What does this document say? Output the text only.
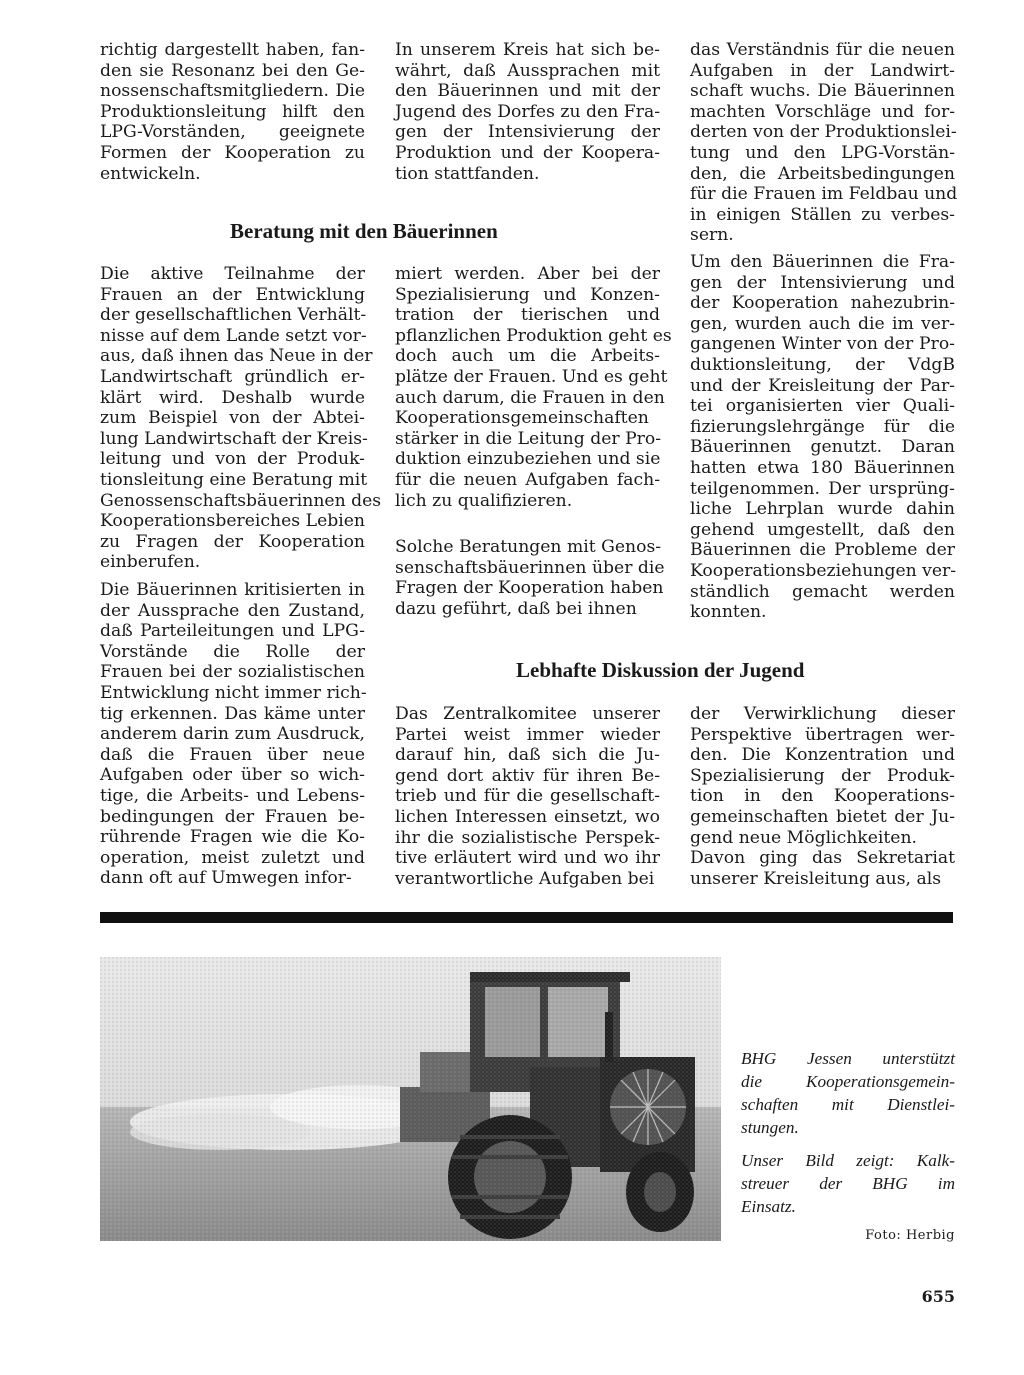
richtig dargestellt haben, fan-
den sie Resonanz bei den Ge-
nossenschaftsmitgliedern. Die
Produktionsleitung hilft den
LPG-Vorständen, geeignete
Formen der Kooperation zu
entwickeln.
In unserem Kreis hat sich be-
währt, daß Aussprachen mit
den Bäuerinnen und mit der
Jugend des Dorfes zu den Fra-
gen der Intensivierung der
Produktion und der Koopera-
tion stattfanden.
das Verständnis für die neuen
Aufgaben in der Landwirt-
schaft wuchs. Die Bäuerinnen
machten Vorschläge und for-
derten von der Produktionslei-
tung und den LPG-Vorstän-
den, die Arbeitsbedingungen
für die Frauen im Feldbau und
in einigen Ställen zu verbes-
sern.
Um den Bäuerinnen die Fra-
gen der Intensivierung und
der Kooperation nahezubrin-
gen, wurden auch die im ver-
gangenen Winter von der Pro-
duktionsleitung, der VdgB
und der Kreisleitung der Par-
tei organisierten vier Quali-
fizierungslehrgänge für die
Bäuerinnen genutzt. Daran
hatten etwa 180 Bäuerinnen
teilgenommen. Der ursprüng-
liche Lehrplan wurde dahin
gehend umgestellt, daß den
Bäuerinnen die Probleme der
Kooperationsbeziehungen ver-
ständlich gemacht werden
konnten.
Beratung mit den Bäuerinnen
Die aktive Teilnahme der
Frauen an der Entwicklung
der gesellschaftlichen Verhält-
nisse auf dem Lande setzt vor-
aus, daß ihnen das Neue in der
Landwirtschaft gründlich er-
klärt wird. Deshalb wurde
zum Beispiel von der Abtei-
lung Landwirtschaft der Kreis-
leitung und von der Produk-
tionsleitung eine Beratung mit
Genossenschaftsbäuerinnen des
Kooperationsbereiches Lebien
zu Fragen der Kooperation
einberufen.
Die Bäuerinnen kritisierten in
der Aussprache den Zustand,
daß Parteileitungen und LPG-
Vorstände die Rolle der
Frauen bei der sozialistischen
Entwicklung nicht immer rich-
tig erkennen. Das käme unter
anderem darin zum Ausdruck,
daß die Frauen über neue
Aufgaben oder über so wich-
tige, die Arbeits- und Lebens-
bedingungen der Frauen be-
rührende Fragen wie die Ko-
operation, meist zuletzt und
dann oft auf Umwegen infor-
miert werden. Aber bei der
Spezialisierung und Konzen-
tration der tierischen und
pflanzlichen Produktion geht es
doch auch um die Arbeits-
plätze der Frauen. Und es geht
auch darum, die Frauen in den
Kooperationsgemeinschaften
stärker in die Leitung der Pro-
duktion einzubeziehen und sie
für die neuen Aufgaben fach-
lich zu qualifizieren.
Solche Beratungen mit Genos-
senschaftsbäuerinnen über die
Fragen der Kooperation haben
dazu geführt, daß bei ihnen
Lebhafte Diskussion der Jugend
Das Zentralkomitee unserer
Partei weist immer wieder
darauf hin, daß sich die Ju-
gend dort aktiv für ihren Be-
trieb und für die gesellschaft-
lichen Interessen einsetzt, wo
ihr die sozialistische Perspek-
tive erläutert wird und wo ihr
verantwortliche Aufgaben bei
der Verwirklichung dieser
Perspektive übertragen wer-
den. Die Konzentration und
Spezialisierung der Produk-
tion in den Kooperations-
gemeinschaften bietet der Ju-
gend neue Möglichkeiten.
Davon ging das Sekretariat
unserer Kreisleitung aus, als
BHG Jessen unterstützt
die Kooperationsgemein-
schaften mit Dienstlei-
stungen.
Unser Bild zeigt: Kalk-
streuer der BHG im
Einsatz.
Foto: Herbig
655
